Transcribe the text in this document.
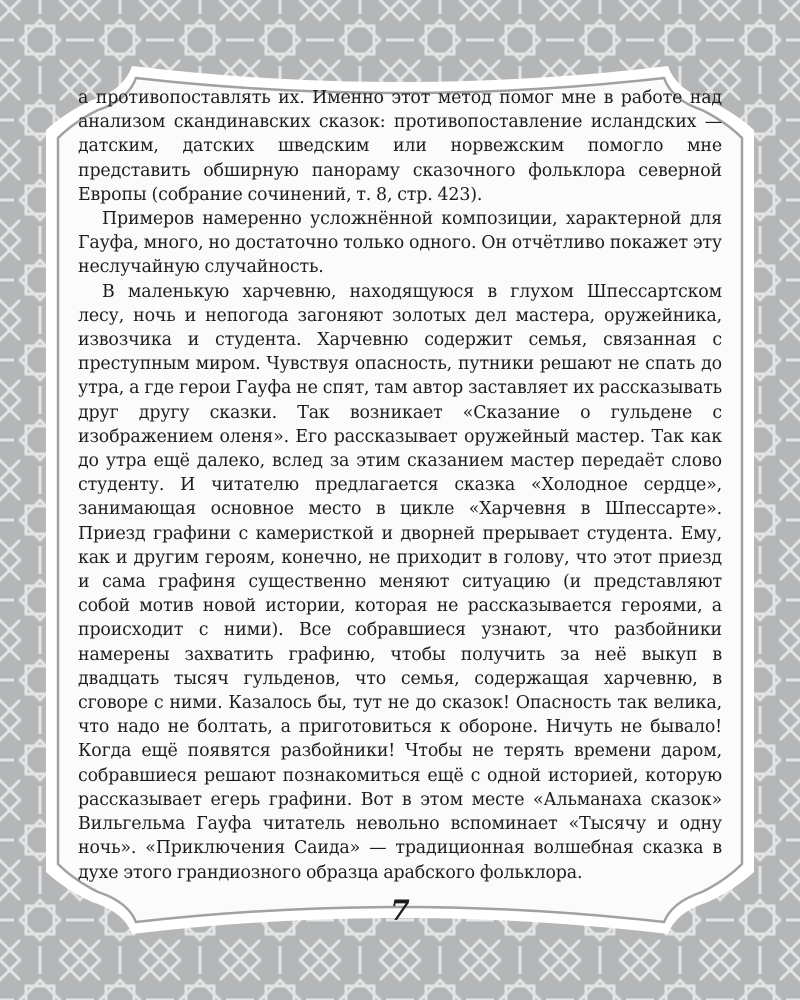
а противопоставлять их. Именно этот метод помог мне в работе над анализом скандинавских сказок: противопоставление исландских — датским, датских шведским или норвежским помогло мне представить обширную панораму сказочного фольклора северной Европы (собрание сочинений, т. 8, стр. 423).

Примеров намеренно усложнённой композиции, характерной для Гауфа, много, но достаточно только одного. Он отчётливо покажет эту неслучайную случайность.

В маленькую харчевню, находящуюся в глухом Шпессартском лесу, ночь и непогода загоняют золотых дел мастера, оружейника, извозчика и студента. Харчевню содержит семья, связанная с преступным миром. Чувствуя опасность, путники решают не спать до утра, а где герои Гауфа не спят, там автор заставляет их рассказывать друг другу сказки. Так возникает «Сказание о гульдене с изображением оленя». Его рассказывает оружейный мастер. Так как до утра ещё далеко, вслед за этим сказанием мастер передаёт слово студенту. И читателю предлагается сказка «Холодное сердце», занимающая основное место в цикле «Харчевня в Шпессарте». Приезд графини с камеристкой и дворней прерывает студента. Ему, как и другим героям, конечно, не приходит в голову, что этот приезд и сама графиня существенно меняют ситуацию (и представляют собой мотив новой истории, которая не рассказывается героями, а происходит с ними). Все собравшиеся узнают, что разбойники намерены захватить графиню, чтобы получить за неё выкуп в двадцать тысяч гульденов, что семья, содержащая харчевню, в сговоре с ними. Казалось бы, тут не до сказок! Опасность так велика, что надо не болтать, а приготовиться к обороне. Ничуть не бывало! Когда ещё появятся разбойники! Чтобы не терять времени даром, собравшиеся решают познакомиться ещё с одной историей, которую рассказывает егерь графини. Вот в этом месте «Альманаха сказок» Вильгельма Гауфа читатель невольно вспоминает «Тысячу и одну ночь». «Приключения Саида» — традиционная волшебная сказка в духе этого грандиозного образца арабского фольклора.

7
